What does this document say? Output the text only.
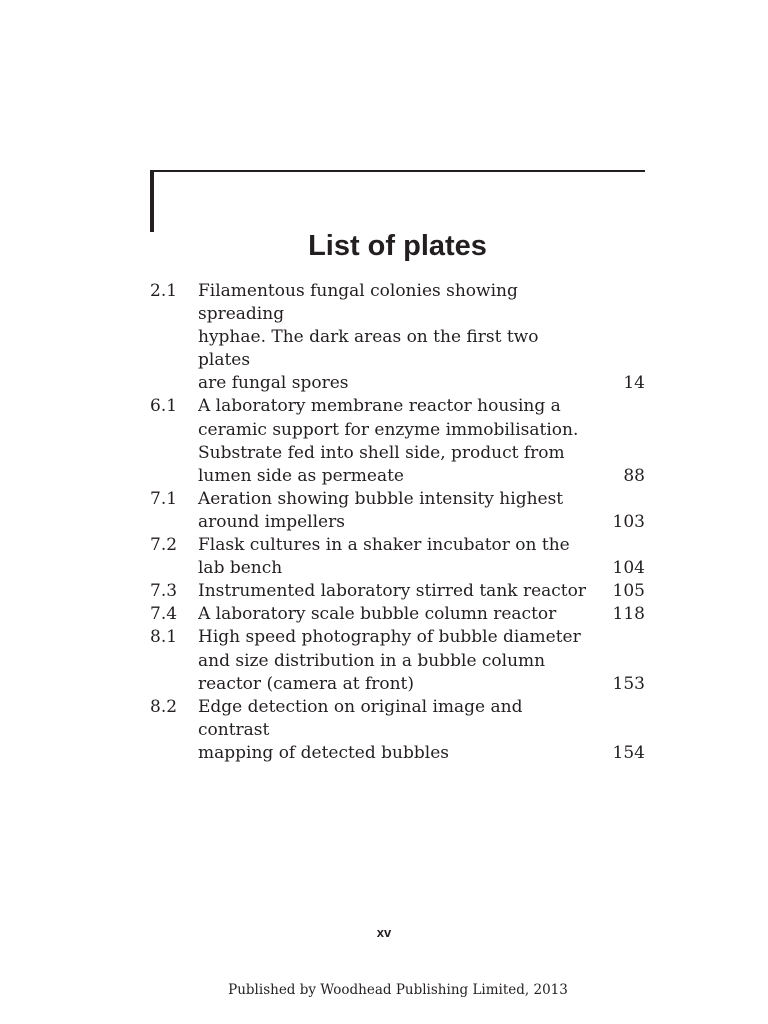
List of plates
2.1	Filamentous fungal colonies showing spreading
hyphae. The dark areas on the first two plates
are fungal spores	14
6.1	A laboratory membrane reactor housing a
ceramic support for enzyme immobilisation.
Substrate fed into shell side, product from
lumen side as permeate	88
7.1	Aeration showing bubble intensity highest
around impellers	103
7.2	Flask cultures in a shaker incubator on the
lab bench	104
7.3	Instrumented laboratory stirred tank reactor	105
7.4	A laboratory scale bubble column reactor	118
8.1	High speed photography of bubble diameter
and size distribution in a bubble column
reactor (camera at front)	153
8.2	Edge detection on original image and contrast
mapping of detected bubbles	154
xv
Published by Woodhead Publishing Limited, 2013
